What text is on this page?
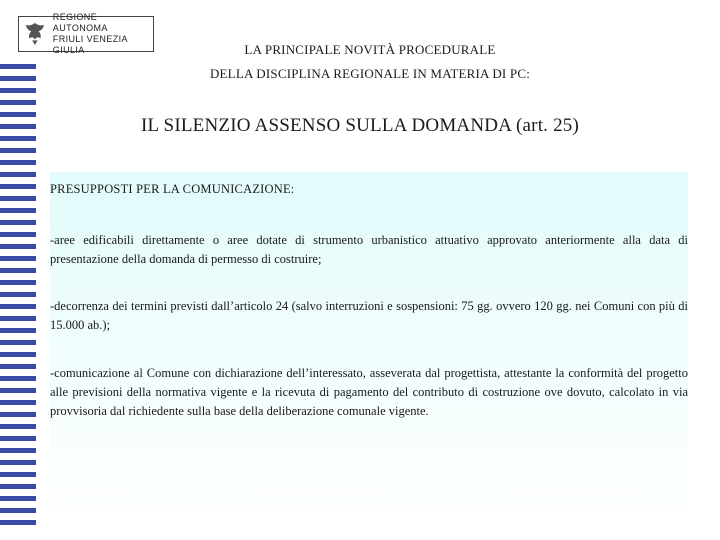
REGIONE AUTONOMA
FRIULI VENEZIA GIULIA	LA PRINCIPALE NOVITÀ PROCEDURALE
DELLA DISCIPLINA REGIONALE IN MATERIA DI PC:
IL SILENZIO ASSENSO SULLA DOMANDA (art. 25)
PRESUPPOSTI PER LA COMUNICAZIONE:
-aree edificabili direttamente o aree dotate di strumento urbanistico attuativo approvato anteriormente alla data di presentazione della domanda di permesso di costruire;
-decorrenza dei termini previsti dall’articolo 24 (salvo interruzioni e sospensioni: 75 gg. ovvero 120 gg. nei Comuni con più di 15.000 ab.);
-comunicazione al Comune con dichiarazione dell’interessato, asseverata dal progettista, attestante la conformità del progetto alle previsioni della normativa vigente e la ricevuta di pagamento del contributo di costruzione ove dovuto, calcolato in via provvisoria dal richiedente sulla base della deliberazione comunale vigente.
